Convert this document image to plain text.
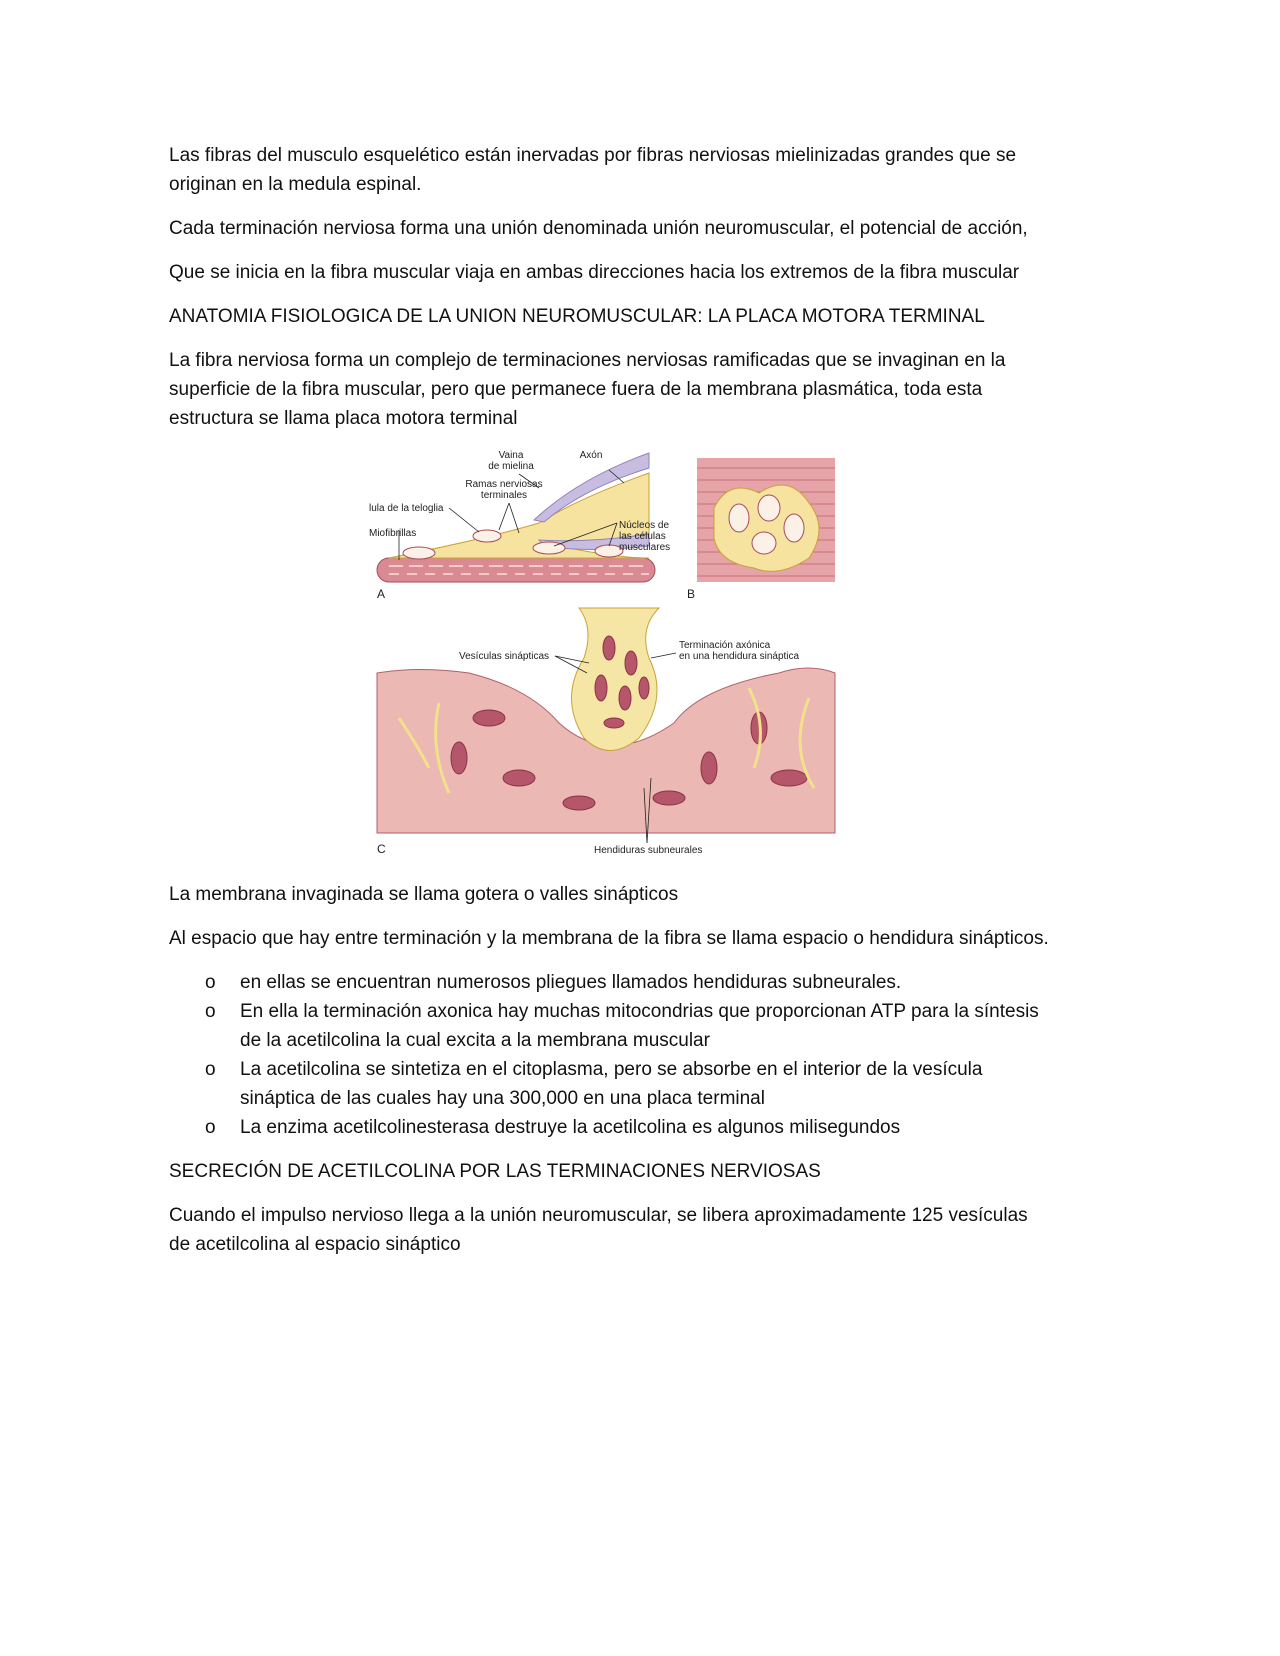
Las fibras del musculo esquelético están inervadas por fibras nerviosas mielinizadas grandes que se originan en la medula espinal.

Cada terminación nerviosa forma una unión denominada unión neuromuscular, el potencial de acción,

Que se inicia en la fibra muscular viaja en ambas direcciones hacia los extremos de la fibra muscular

ANATOMIA FISIOLOGICA DE LA UNION NEUROMUSCULAR: LA PLACA MOTORA TERMINAL

La fibra nerviosa forma un complejo de terminaciones nerviosas ramificadas que se invaginan en la superficie de la fibra muscular, pero que permanece fuera de la membrana plasmática, toda esta estructura se llama placa motora terminal

Vaina
de mielina
Axón
Ramas nerviosas
terminales
lula de la teloglia
Miofibrillas
Núcleos de
las células
musculares
A	B
Vesículas sinápticas
Terminación axónica
en una hendidura sináptica
Hendiduras subneurales
C

La membrana invaginada se llama gotera o valles sinápticos

Al espacio que hay entre terminación y la membrana de la fibra se llama espacio o hendidura sinápticos.

o en ellas se encuentran numerosos pliegues llamados hendiduras subneurales.
o En ella la terminación axonica hay muchas mitocondrias que proporcionan ATP para la síntesis de la acetilcolina la cual excita a la membrana muscular
o La acetilcolina se sintetiza en el citoplasma, pero se absorbe en el interior de la vesícula sináptica de las cuales hay una 300,000 en una placa terminal
o La enzima acetilcolinesterasa destruye la acetilcolina es algunos milisegundos

SECRECIÓN DE ACETILCOLINA POR LAS TERMINACIONES NERVIOSAS

Cuando el impulso nervioso llega a la unión neuromuscular, se libera aproximadamente 125 vesículas de acetilcolina al espacio sináptico
